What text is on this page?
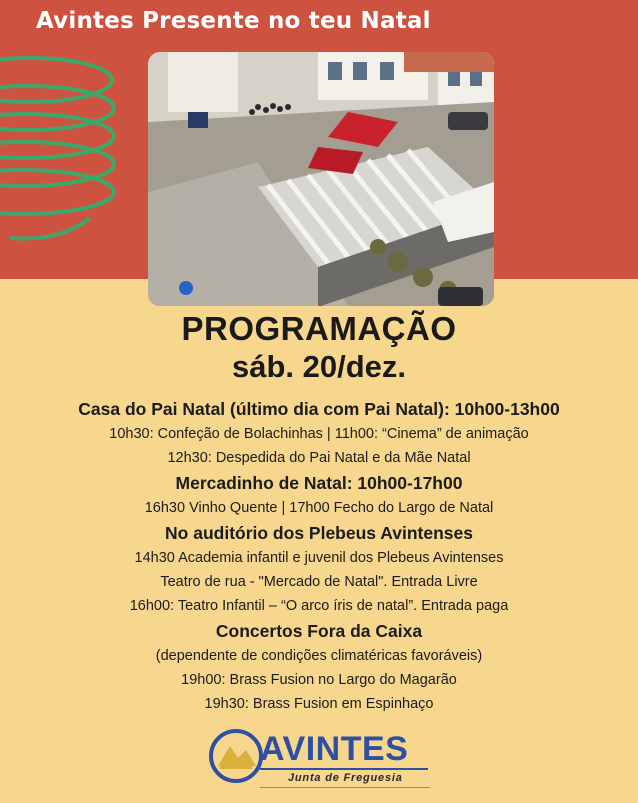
Avintes Presente no teu Natal
PROGRAMAÇÃO
sáb. 20/dez.
Casa do Pai Natal (último dia com Pai Natal): 10h00-13h00
10h30: Confeção de Bolachinhas | 11h00: “Cinema” de animação
12h30: Despedida do Pai Natal e da Mãe Natal
Mercadinho de Natal: 10h00-17h00
16h30 Vinho Quente | 17h00 Fecho do Largo de Natal
No auditório dos Plebeus Avintenses
14h30 Academia infantil e juvenil dos Plebeus Avintenses
Teatro de rua - "Mercado de Natal". Entrada Livre
16h00: Teatro Infantil – “O arco íris de natal”. Entrada paga
Concertos Fora da Caixa
(dependente de condições climatéricas favoráveis)
19h00: Brass Fusion no Largo do Magarão
19h30: Brass Fusion em Espinhaço
AVINTES
Junta de Freguesia
